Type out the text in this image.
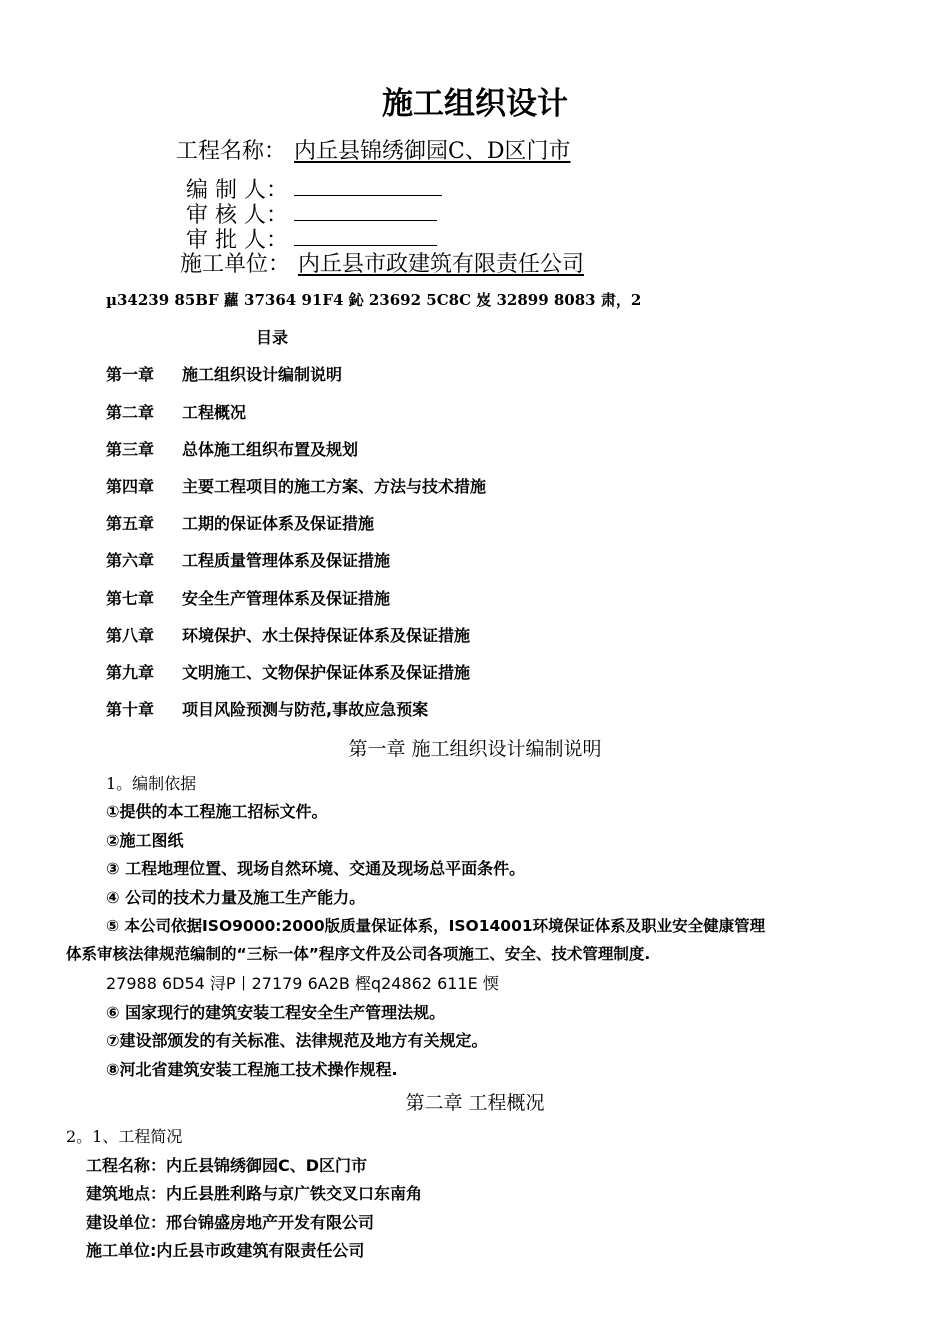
施工组织设计
工程名称： 内丘县锦绣御园C、D区门市
编 制 人：
审 核 人：
审 批 人：
施工单位： 内丘县市政建筑有限责任公司
µ34239 85BF 蘿 37364 91F4 鈊 23692 5C8C 岌 32899 8083 肃，2
目录
第一章 施工组织设计编制说明
第二章 工程概况
第三章 总体施工组织布置及规划
第四章 主要工程项目的施工方案、方法与技术措施
第五章 工期的保证体系及保证措施
第六章 工程质量管理体系及保证措施
第七章 安全生产管理体系及保证措施
第八章 环境保护、水土保持保证体系及保证措施
第九章 文明施工、文物保护保证体系及保证措施
第十章 项目风险预测与防范,事故应急预案
第一章 施工组织设计编制说明
1。编制依据
①提供的本工程施工招标文件。
②施工图纸
③ 工程地理位置、现场自然环境、交通及现场总平面条件。
④ 公司的技术力量及施工生产能力。
⑤ 本公司依据ISO9000:2000版质量保证体系，ISO14001环境保证体系及职业安全健康管理
体系审核法律规范编制的“三标一体”程序文件及公司各项施工、安全、技术管理制度.
27988 6D54 浔P丨27179 6A2B 樫q24862 611E 愞
⑥ 国家现行的建筑安装工程安全生产管理法规。
⑦建设部颁发的有关标准、法律规范及地方有关规定。
⑧河北省建筑安装工程施工技术操作规程.
第二章 工程概况
2。1、工程简况
工程名称：内丘县锦绣御园C、D区门市
建筑地点：内丘县胜利路与京广铁交叉口东南角
建设单位：邢台锦盛房地产开发有限公司
施工单位:内丘县市政建筑有限责任公司
